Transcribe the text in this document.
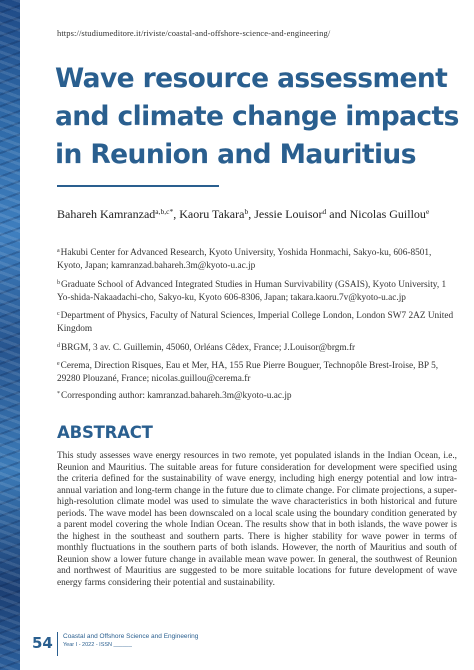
https://studiumeditore.it/riviste/coastal-and-offshore-science-and-engineering/
Wave resource assessment and climate change impacts in Reunion and Mauritius
Bahareh Kamranzad$^{a,b,c*}$, Kaoru Takara$^b$, Jessie Louisor$^d$ and Nicolas Guillou$^e$
$^a$Hakubi Center for Advanced Research, Kyoto University, Yoshida Honmachi, Sakyo-ku, 606-8501, Kyoto, Japan; kamranzad.bahareh.3m@kyoto-u.ac.jp
$^b$Graduate School of Advanced Integrated Studies in Human Survivability (GSAIS), Kyoto University, 1 Yo-shida-Nakaadachi-cho, Sakyo-ku, Kyoto 606-8306, Japan; takara.kaoru.7v@kyoto-u.ac.jp
$^c$Department of Physics, Faculty of Natural Sciences, Imperial College London, London SW7 2AZ United Kingdom
$^d$BRGM, 3 av. C. Guillemin, 45060, Orléans Cêdex, France; J.Louisor@brgm.fr
$^e$Cerema, Direction Risques, Eau et Mer, HA, 155 Rue Pierre Bouguer, Technopôle Brest-Iroise, BP 5, 29280 Plouzané, France; nicolas.guillou@cerema.fr
*Corresponding author: kamranzad.bahareh.3m@kyoto-u.ac.jp
ABSTRACT

This study assesses wave energy resources in two remote, yet populated islands in the Indian Ocean, i.e., Reunion and Mauritius. The suitable areas for future consideration for development were specified using the criteria defined for the sustainability of wave energy, including high energy potential and low intra-annual variation and long-term change in the future due to climate change. For climate projections, a super-high-resolution climate model was used to simulate the wave characteristics in both historical and future periods. The wave model has been downscaled on a local scale using the boundary condition generated by a parent model covering the whole Indian Ocean. The results show that in both islands, the wave power is the highest in the southeast and southern parts. There is higher stability for wave power in terms of monthly fluctuations in the southern parts of both islands. However, the north of Mauritius and south of Reunion show a lower future change in available mean wave power. In general, the southwest of Reunion and northwest of Mauritius are suggested to be more suitable locations for future development of wave energy farms considering their potential and sustainability.

54 Coastal and Offshore Science and Engineering
Year I - 2022 - ISSN ______
